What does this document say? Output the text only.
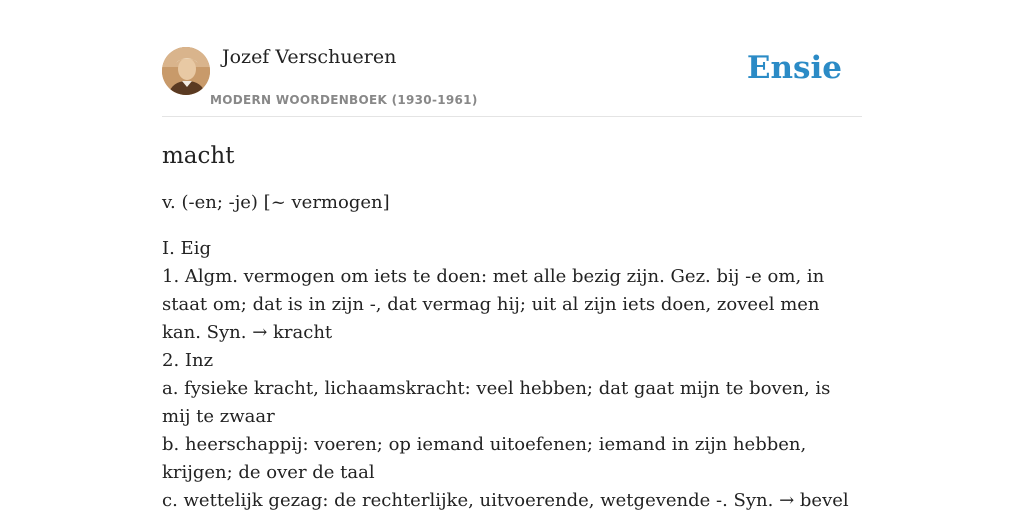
Jozef Verschueren
MODERN WOORDENBOEK (1930-1961)
Ensie
macht
v. (-en; -je) [~ vermogen]
I. Eig
1. Algm. vermogen om iets te doen: met alle bezig zijn. Gez. bij -e om, in staat om; dat is in zijn -, dat vermag hij; uit al zijn iets doen, zoveel men kan. Syn. → kracht
2. Inz
a. fysieke kracht, lichaamskracht: veel hebben; dat gaat mijn te boven, is mij te zwaar
b. heerschappij: voeren; op iemand uitoefenen; iemand in zijn hebben, krijgen; de over de taal
c. wettelijk gezag: de rechterlijke, uitvoerende, wetgevende -. Syn. → bevel
